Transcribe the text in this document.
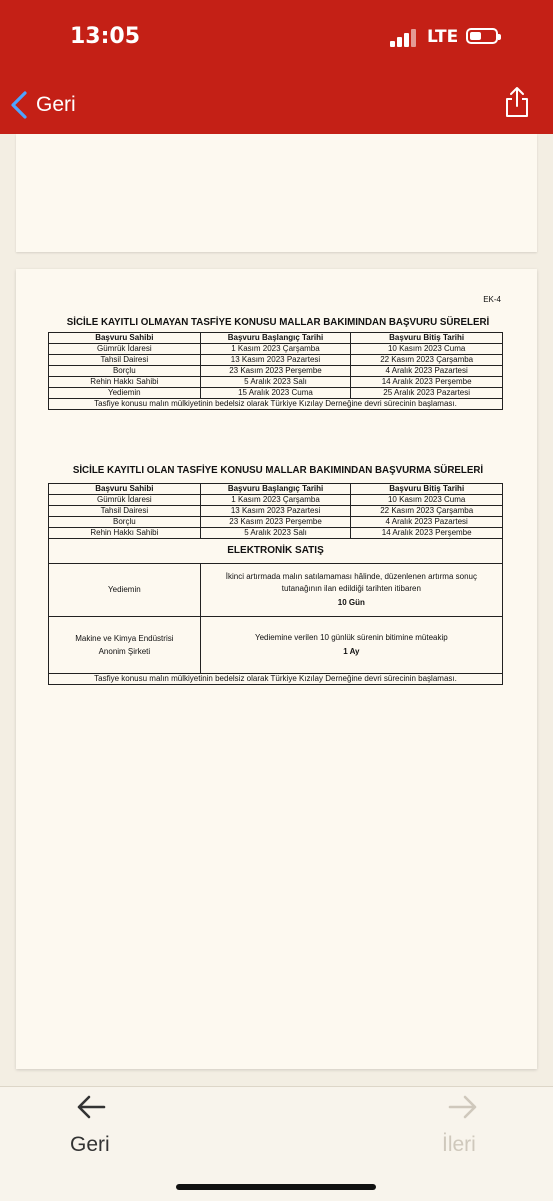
13:05	LTE
Geri
EK-4
SİCİLE KAYITLI OLMAYAN TASFİYE KONUSU MALLAR BAKIMINDAN BAŞVURU SÜRELERİ
Başvuru Sahibi	Başvuru Başlangıç Tarihi	Başvuru Bitiş Tarihi
Gümrük İdaresi	1 Kasım 2023 Çarşamba	10 Kasım 2023 Cuma
Tahsil Dairesi	13 Kasım 2023 Pazartesi	22 Kasım 2023 Çarşamba
Borçlu	23 Kasım 2023 Perşembe	4 Aralık 2023 Pazartesi
Rehin Hakkı Sahibi	5 Aralık 2023 Salı	14 Aralık 2023 Perşembe
Yediemin	15 Aralık 2023 Cuma	25 Aralık 2023 Pazartesi
Tasfiye konusu malın mülkiyetinin bedelsiz olarak Türkiye Kızılay Derneğine devri sürecinin başlaması.		
SİCİLE KAYITLI OLAN TASFİYE KONUSU MALLAR BAKIMINDAN BAŞVURMA SÜRELERİ
Başvuru Sahibi	Başvuru Başlangıç Tarihi	Başvuru Bitiş Tarihi
Gümrük İdaresi	1 Kasım 2023 Çarşamba	10 Kasım 2023 Cuma
Tahsil Dairesi	13 Kasım 2023 Pazartesi	22 Kasım 2023 Çarşamba
Borçlu	23 Kasım 2023 Perşembe	4 Aralık 2023 Pazartesi
Rehin Hakkı Sahibi	5 Aralık 2023 Salı	14 Aralık 2023 Perşembe
ELEKTRONİK SATIŞ		
Yediemin	İkinci artırmada malın satılamaması hâlinde, düzenlenen artırma sonuç tutanağının ilan edildiği tarihten itibaren
10 Gün	

Makine ve Kimya Endüstrisi Anonim Şirketi	Yedieminе verilen 10 günlük sürenin bitimine müteakip
1 Ay	

Tasfiye konusu malın mülkiyetinin bedelsiz olarak Türkiye Kızılay Derneğine devri sürecinin başlaması.		
Geri	İleri
